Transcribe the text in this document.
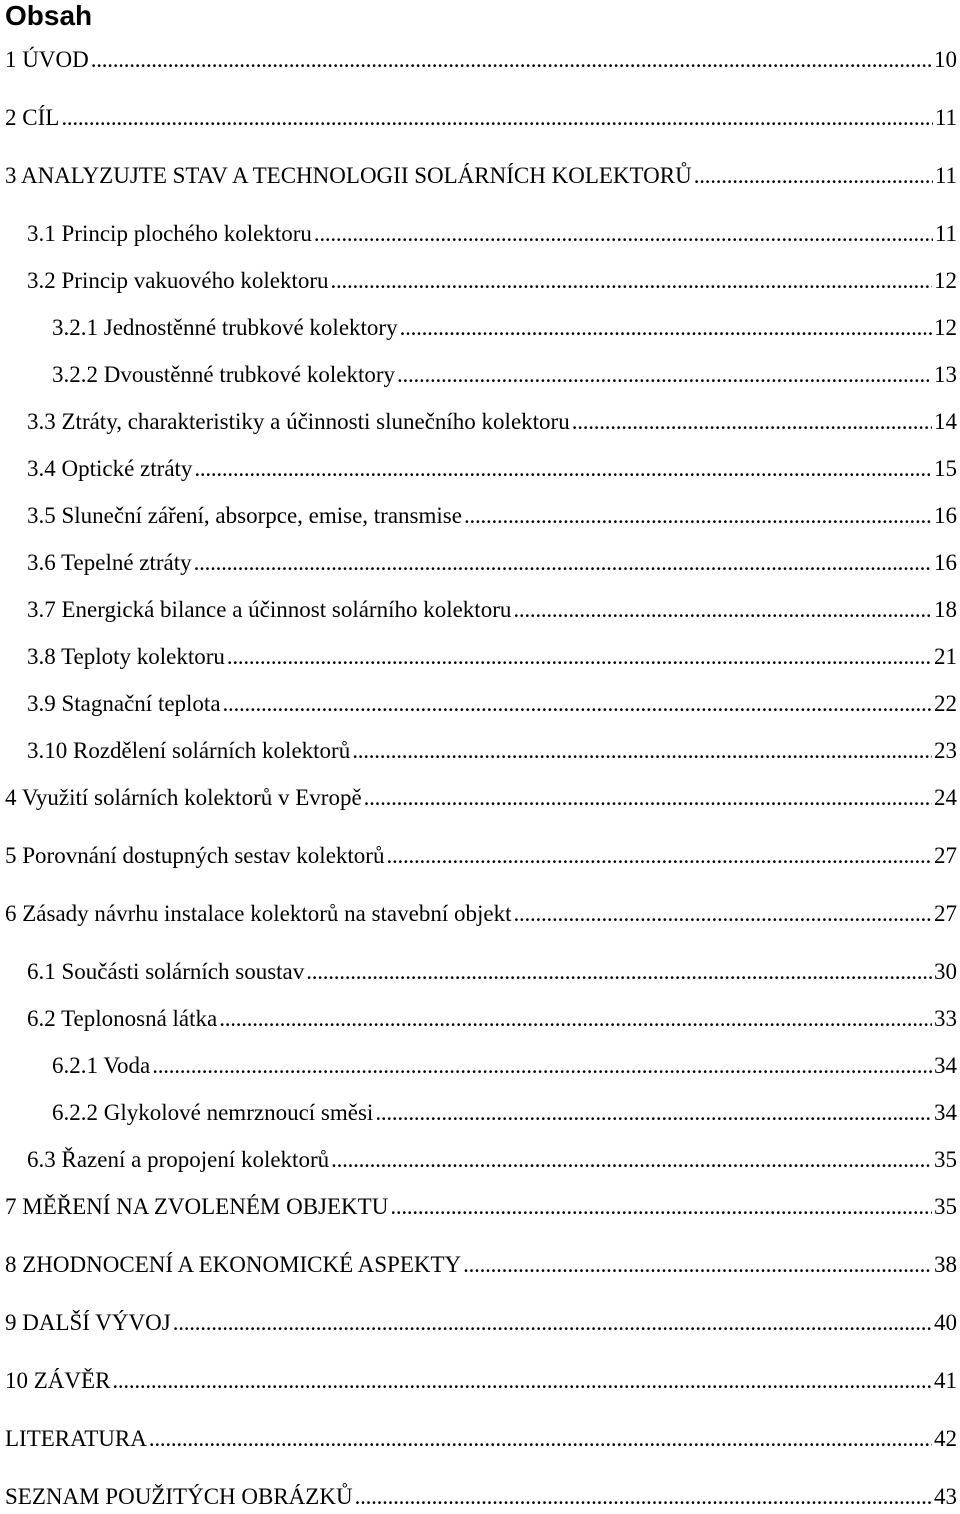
Obsah
1 ÚVOD . . .	10
2 CÍL . . .	11
3 ANALYZUJTE STAV A TECHNOLOGII SOLÁRNÍCH KOLEKTORŮ . . .	11
3.1 Princip plochého kolektoru . . .	11
3.2 Princip vakuového kolektoru . . .	12
3.2.1 Jednostěnné trubkové kolektory . . .	12
3.2.2 Dvoustěnné trubkové kolektory . . .	13
3.3 Ztráty, charakteristiky a účinnosti slunečního kolektoru . . .	14
3.4 Optické ztráty . . .	15
3.5 Sluneční záření, absorpce, emise, transmise . . .	16
3.6 Tepelné ztráty . . .	16
3.7 Energická bilance a účinnost solárního kolektoru . . .	18
3.8 Teploty kolektoru . . .	21
3.9 Stagnační teplota . . .	22
3.10 Rozdělení solárních kolektorů . . .	23
4 Využití solárních kolektorů v Evropě . . .	24
5 Porovnání dostupných sestav kolektorů . . .	27
6 Zásady návrhu instalace kolektorů na stavební objekt . . .	27
6.1 Součásti solárních soustav . . .	30
6.2 Teplonosná látka . . .	33
6.2.1 Voda . . .	34
6.2.2 Glykolové nemrznoucí směsi . . .	34
6.3 Řazení a propojení kolektorů . . .	35
7 MĚŘENÍ NA ZVOLENÉM OBJEKTU . . .	35
8 ZHODNOCENÍ A EKONOMICKÉ ASPEKTY . . .	38
9 DALŠÍ VÝVOJ . . .	40
10 ZÁVĚR . . .	41
LITERATURA . . .	42
SEZNAM POUŽITÝCH OBRÁZKŮ . . .	43
